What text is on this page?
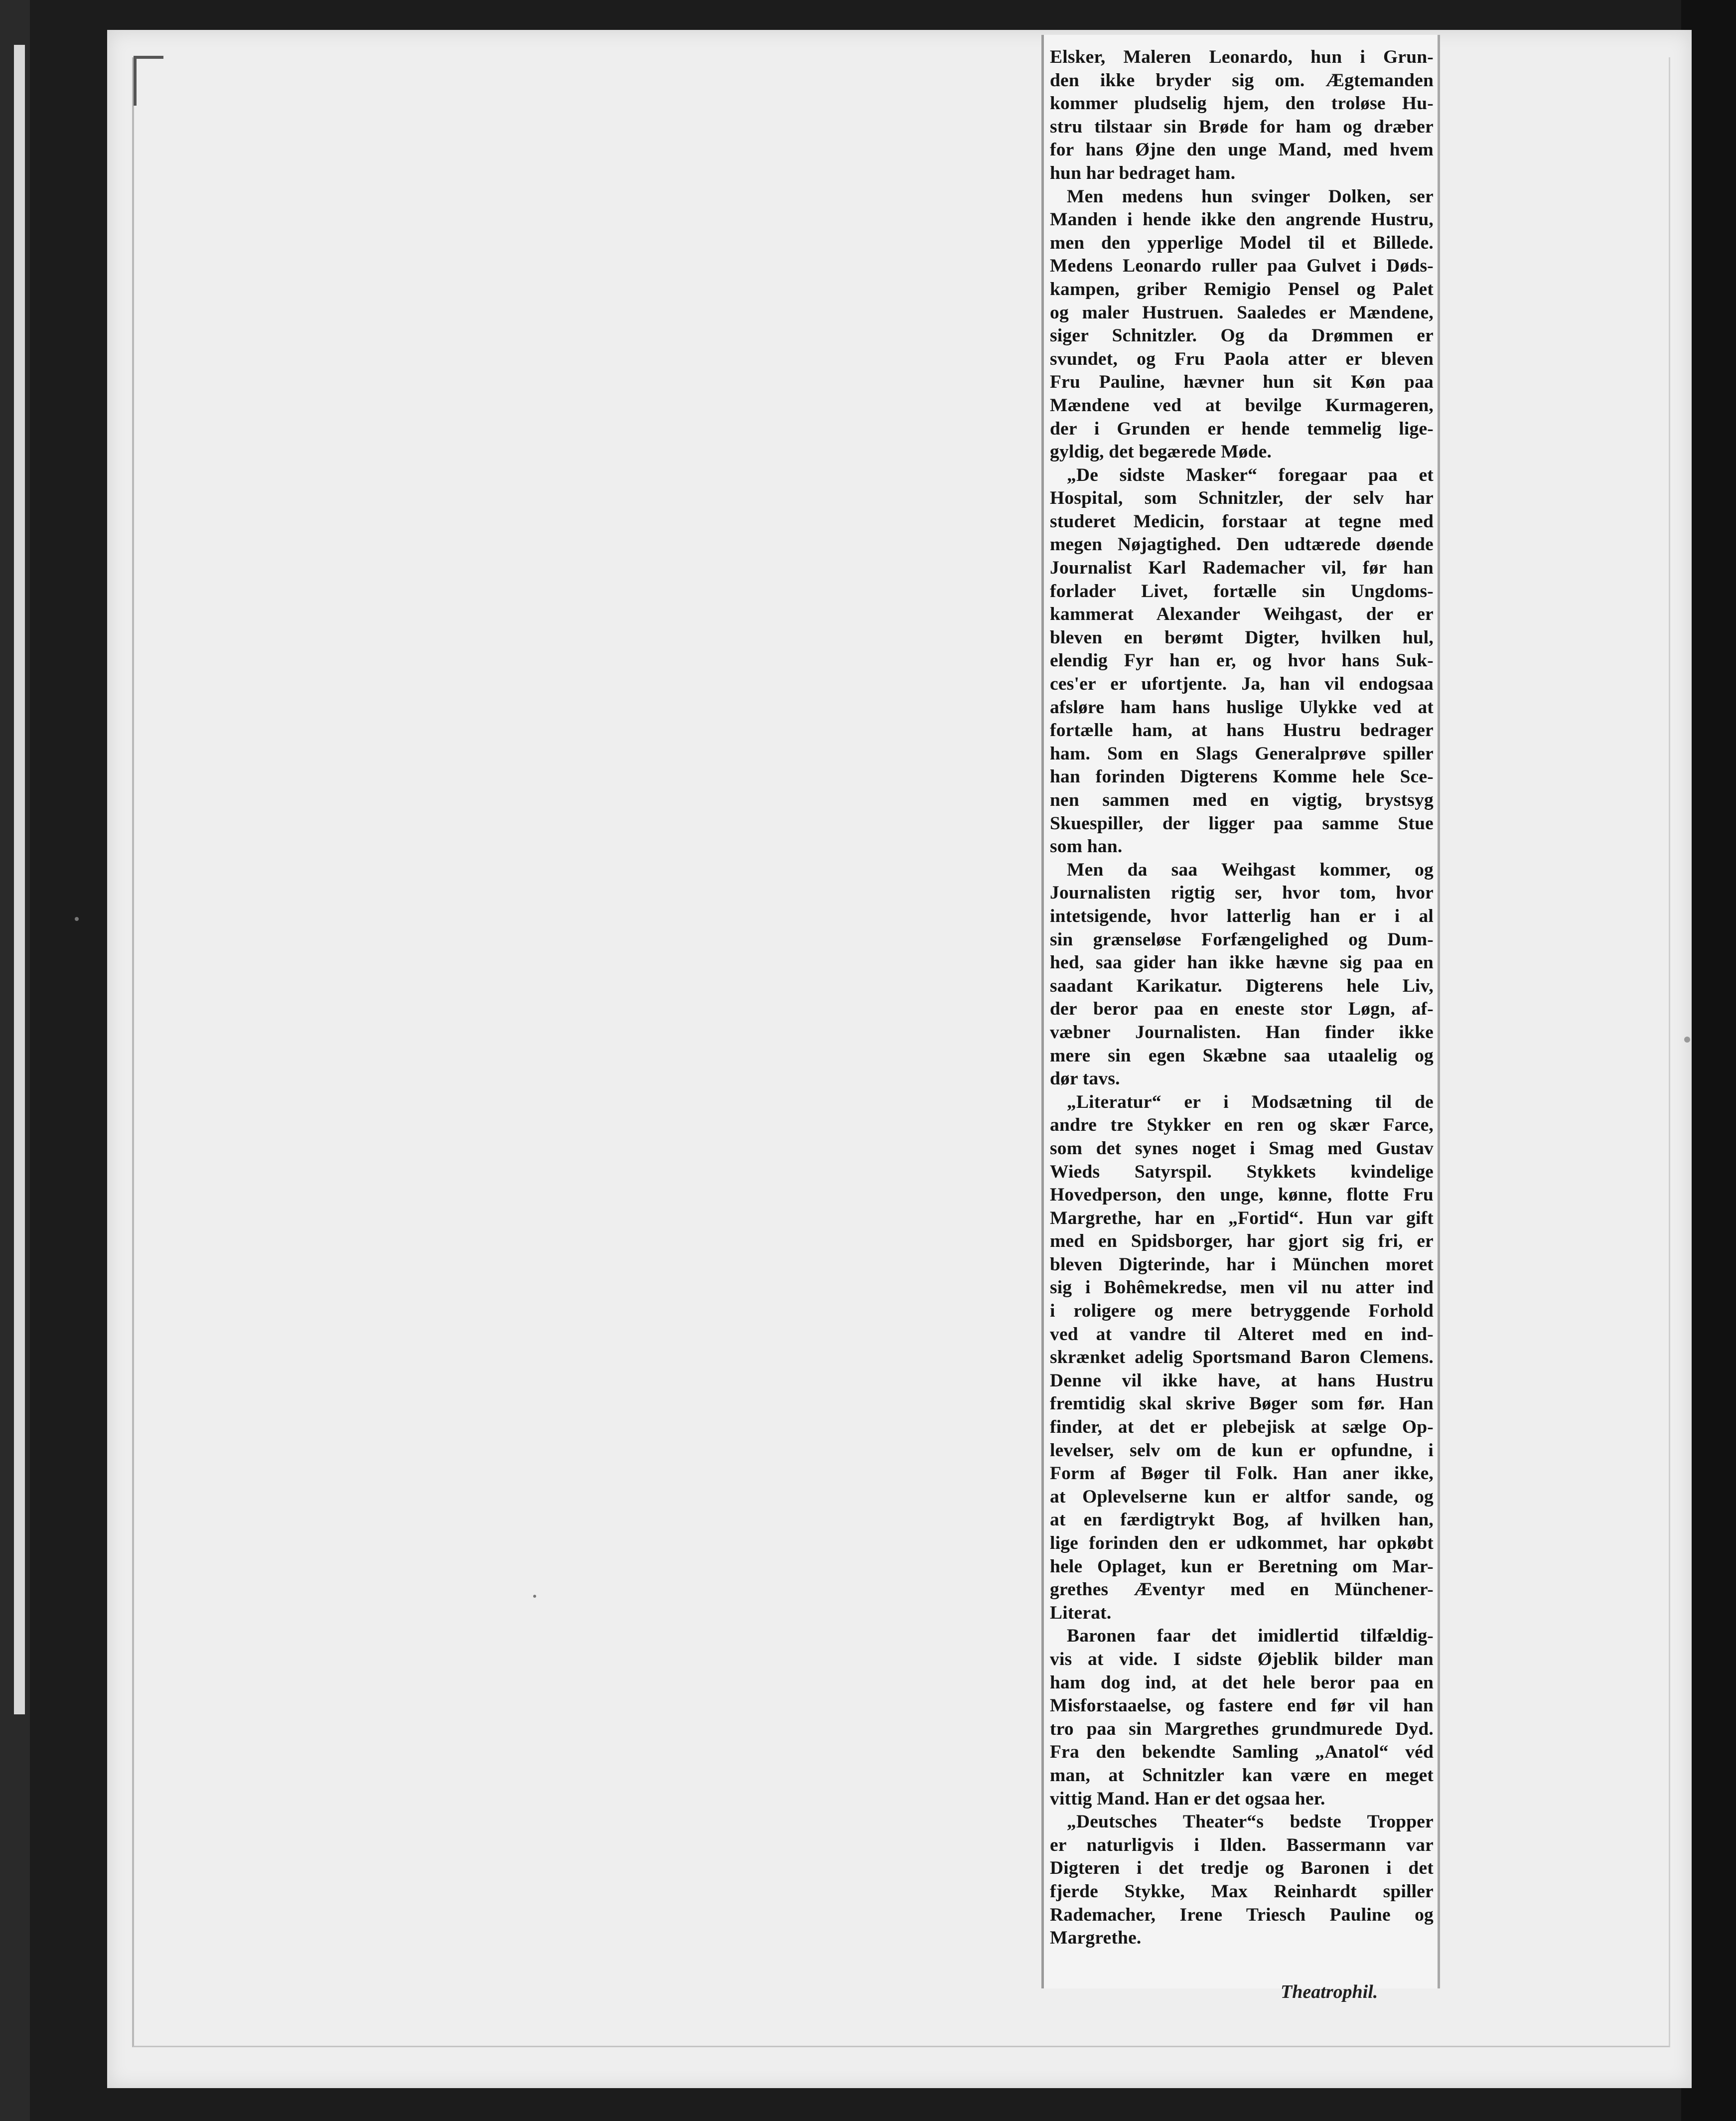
Elsker, Maleren Leonardo, hun i Grun-
den ikke bryder sig om. Ægtemanden
kommer pludselig hjem, den troløse Hu-
stru tilstaar sin Brøde for ham og dræber
for hans Øjne den unge Mand, med hvem
hun har bedraget ham.
Men medens hun svinger Dolken, ser
Manden i hende ikke den angrende Hustru,
men den ypperlige Model til et Billede.
Medens Leonardo ruller paa Gulvet i Døds-
kampen, griber Remigio Pensel og Palet
og maler Hustruen. Saaledes er Mændene,
siger Schnitzler. Og da Drømmen er
svundet, og Fru Paola atter er bleven
Fru Pauline, hævner hun sit Køn paa
Mændene ved at bevilge Kurmageren,
der i Grunden er hende temmelig lige-
gyldig, det begærede Møde.
„De sidste Masker“ foregaar paa et
Hospital, som Schnitzler, der selv har
studeret Medicin, forstaar at tegne med
megen Nøjagtighed. Den udtærede døende
Journalist Karl Rademacher vil, før han
forlader Livet, fortælle sin Ungdoms-
kammerat Alexander Weihgast, der er
bleven en berømt Digter, hvilken hul,
elendig Fyr han er, og hvor hans Suk-
ces'er er ufortjente. Ja, han vil endogsaa
afsløre ham hans huslige Ulykke ved at
fortælle ham, at hans Hustru bedrager
ham. Som en Slags Generalprøve spiller
han forinden Digterens Komme hele Sce-
nen sammen med en vigtig, brystsyg
Skuespiller, der ligger paa samme Stue
som han.
Men da saa Weihgast kommer, og
Journalisten rigtig ser, hvor tom, hvor
intetsigende, hvor latterlig han er i al
sin grænseløse Forfængelighed og Dum-
hed, saa gider han ikke hævne sig paa en
saadant Karikatur. Digterens hele Liv,
der beror paa en eneste stor Løgn, af-
væbner Journalisten. Han finder ikke
mere sin egen Skæbne saa utaalelig og
dør tavs.
„Literatur“ er i Modsætning til de
andre tre Stykker en ren og skær Farce,
som det synes noget i Smag med Gustav
Wieds Satyrspil. Stykkets kvindelige
Hovedperson, den unge, kønne, flotte Fru
Margrethe, har en „Fortid“. Hun var gift
med en Spidsborger, har gjort sig fri, er
bleven Digterinde, har i München moret
sig i Bohêmekredse, men vil nu atter ind
i roligere og mere betryggende Forhold
ved at vandre til Alteret med en ind-
skrænket adelig Sportsmand Baron Clemens.
Denne vil ikke have, at hans Hustru
fremtidig skal skrive Bøger som før. Han
finder, at det er plebejisk at sælge Op-
levelser, selv om de kun er opfundne, i
Form af Bøger til Folk. Han aner ikke,
at Oplevelserne kun er altfor sande, og
at en færdigtrykt Bog, af hvilken han,
lige forinden den er udkommet, har opkøbt
hele Oplaget, kun er Beretning om Mar-
grethes Æventyr med en Münchener-
Literat.
Baronen faar det imidlertid tilfældig-
vis at vide. I sidste Øjeblik bilder man
ham dog ind, at det hele beror paa en
Misforstaaelse, og fastere end før vil han
tro paa sin Margrethes grundmurede Dyd.
Fra den bekendte Samling „Anatol“ véd
man, at Schnitzler kan være en meget
vittig Mand. Han er det ogsaa her.
„Deutsches Theater“s bedste Tropper
er naturligvis i Ilden. Bassermann var
Digteren i det tredje og Baronen i det
fjerde Stykke, Max Reinhardt spiller
Rademacher, Irene Triesch Pauline og
Margrethe.
Theatrophil.
